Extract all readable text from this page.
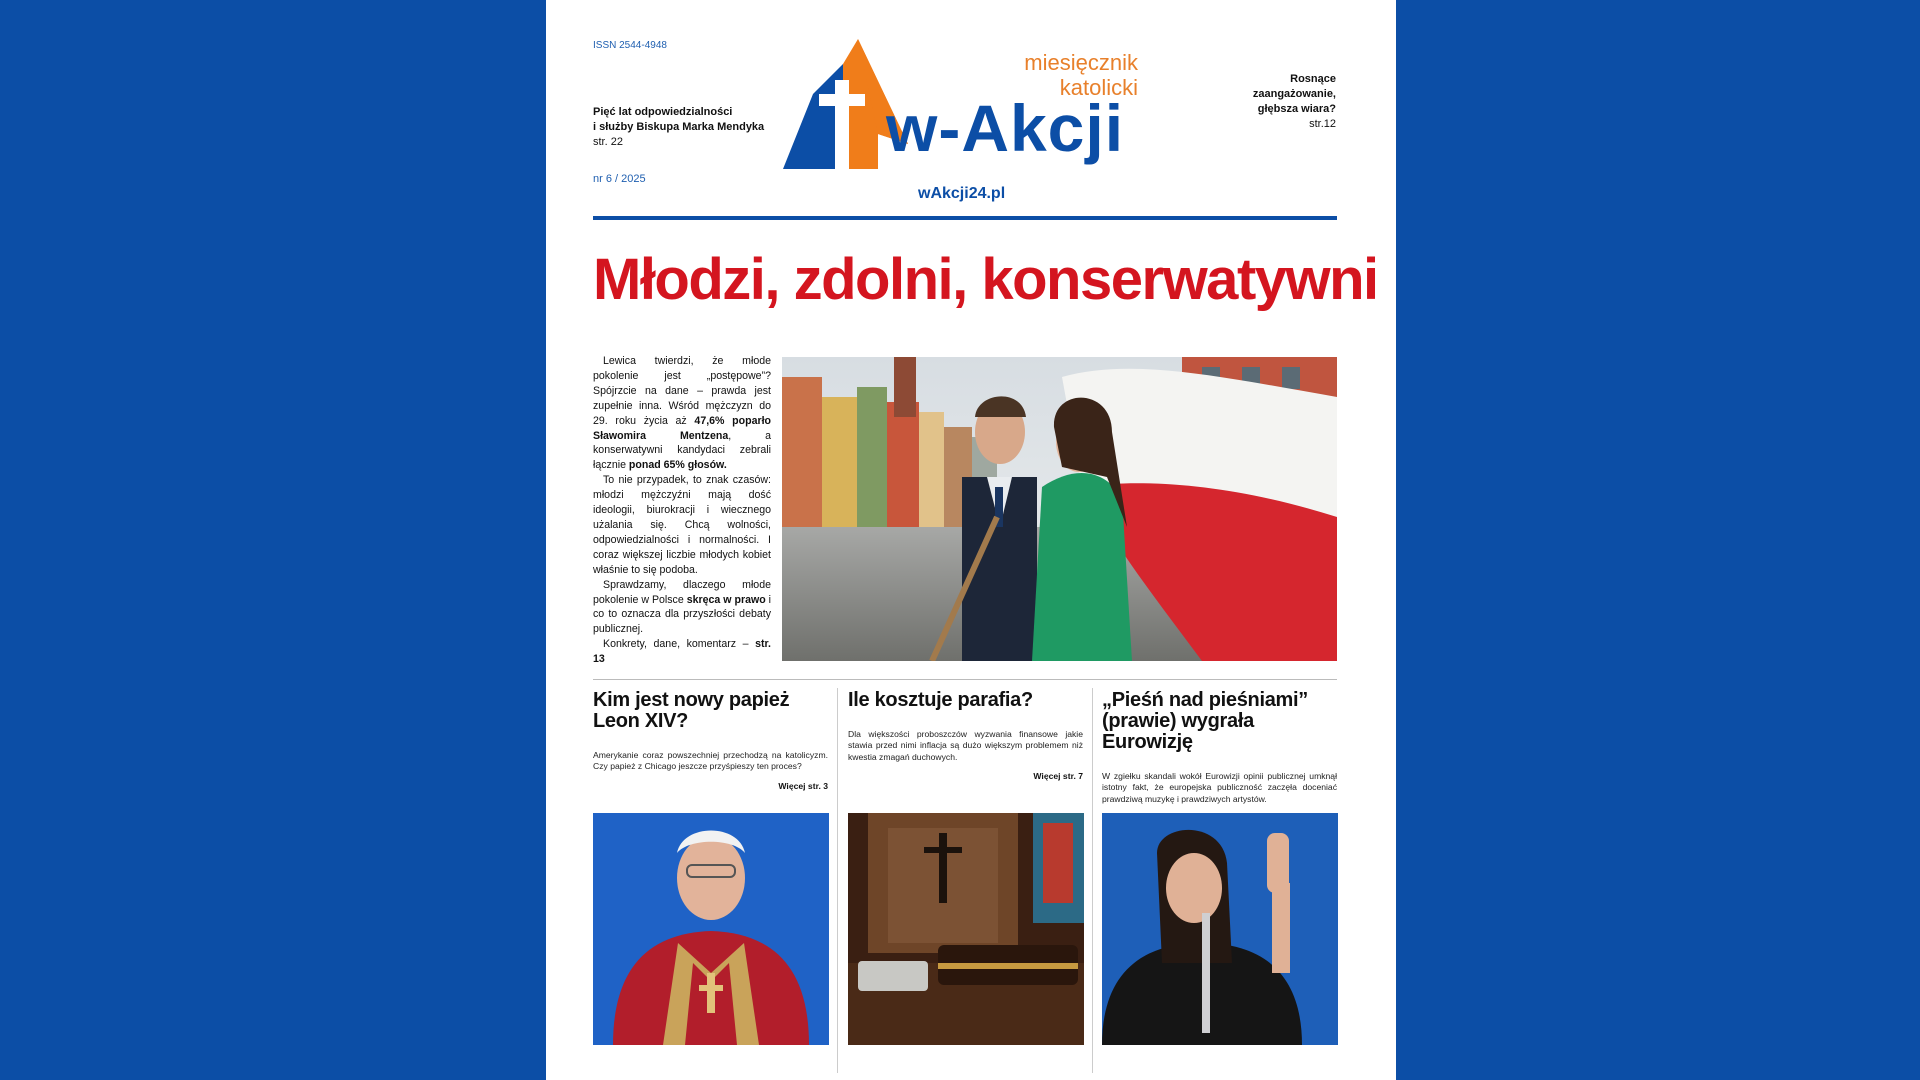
ISSN 2544-4948
Pięć lat odpowiedzialności
i służby Biskupa Marka Mendyka
str. 22
nr 6 / 2025
Rosnące
zaangażowanie,
głębsza wiara?
str.12
miesięcznik
katolicki
w-Akcji
wAkcji24.pl
Młodzi, zdolni, konserwatywni

Lewica twierdzi, że młode pokolenie jest „postępowe”? Spójrzcie na dane – prawda jest zupełnie inna. Wśród mężczyzn do 29. roku życia aż 47,6% poparło Sławomira Mentzena, a konserwatywni kandydaci zebrali łącznie ponad 65% głosów.

To nie przypadek, to znak czasów: młodzi mężczyźni mają dość ideologii, biurokracji i wiecznego użalania się. Chcą wolności, odpowiedzialności i normalności. I coraz większej liczbie młodych kobiet właśnie to się podoba.

Sprawdzamy, dlaczego młode pokolenie w Polsce skręca w prawo i co to oznacza dla przyszłości debaty publicznej.

Konkrety, dane, komentarz – str. 13

Kim jest nowy papież Leon XIV?

Amerykanie coraz powszechniej przechodzą na katolicyzm. Czy papież z Chicago jeszcze przyśpieszy ten proces?

Więcej str. 3
Ile kosztuje parafia?

Dla większości proboszczów wyzwania finansowe jakie stawia przed nimi inflacja są dużo większym problemem niż kwestia zmagań duchowych.

Więcej str. 7
„Pieśń nad pieśniami” (prawie) wygrała Eurowizję

W zgiełku skandali wokół Eurowizji opinii publicznej umknął istotny fakt, że europejska publiczność zaczęła doceniać prawdziwą muzykę i prawdziwych artystów.
